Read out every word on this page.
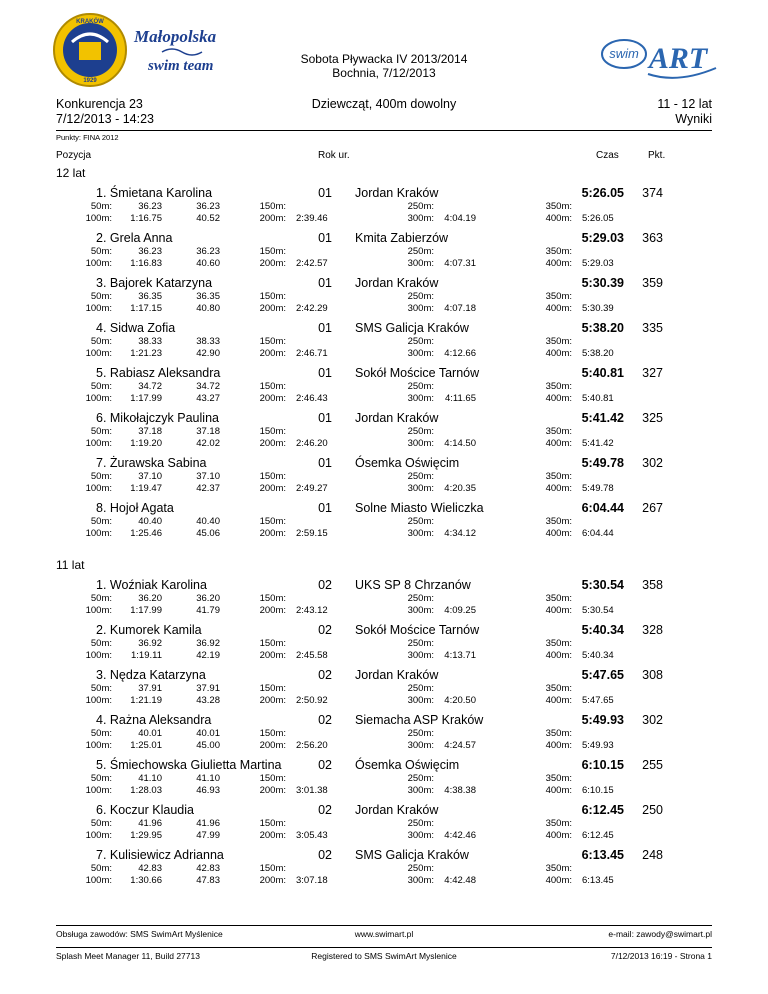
KRAKÓW
1929
Małopolska
swim team
swim ART
Sobota Pływacka IV 2013/2014
Bochnia, 7/12/2013
Konkurencja 23
7/12/2013 - 14:23
Dziewcząt, 400m dowolny	11 - 12 lat
Wyniki
Punkty: FINA 2012
Pozycja	Rok ur.	Czas	Pkt.
12 lat
1. Śmietana Karolina	01 Jordan Kraków	5:26.05	374
50m:	36.23	36.23
100m:	1:16.75	40.52
150m:
200m: 2:39.46
250m:
300m:	4:04.19
350m:
400m: 5:26.05
2. Grela Anna	01 Kmita Zabierzów	5:29.03	363
50m:	36.23	36.23
100m:	1:16.83	40.60
150m:
200m: 2:42.57
250m:
300m:	4:07.31
350m:
400m: 5:29.03
3. Bajorek Katarzyna	01 Jordan Kraków	5:30.39	359
50m:	36.35	36.35
100m:	1:17.15	40.80
150m:
200m: 2:42.29
250m:
300m:	4:07.18
350m:
400m: 5:30.39
4. Sidwa Zofia	01 SMS Galicja Kraków	5:38.20	335
50m:	38.33	38.33
100m:	1:21.23	42.90
150m:
200m: 2:46.71
250m:
300m:	4:12.66
350m:
400m: 5:38.20
5. Rabiasz Aleksandra	01 Sokół Mościce Tarnów	5:40.81	327
50m:	34.72	34.72
100m:	1:17.99	43.27
150m:
200m: 2:46.43
250m:
300m:	4:11.65
350m:
400m: 5:40.81
6. Mikołajczyk Paulina	01 Jordan Kraków	5:41.42	325
50m:	37.18	37.18
100m:	1:19.20	42.02
150m:
200m: 2:46.20
250m:
300m:	4:14.50
350m:
400m: 5:41.42
7. Żurawska Sabina	01 Ósemka Oświęcim	5:49.78	302
50m:	37.10	37.10
100m:	1:19.47	42.37
150m:
200m: 2:49.27
250m:
300m:	4:20.35
350m:
400m: 5:49.78
8. Hojoł Agata	01 Solne Miasto Wieliczka	6:04.44	267
50m:	40.40	40.40
100m:	1:25.46	45.06
150m:
200m: 2:59.15
250m:
300m:	4:34.12
350m:
400m: 6:04.44
11 lat
1. Woźniak Karolina	02 UKS SP 8 Chrzanów	5:30.54	358
50m:	36.20	36.20
100m:	1:17.99	41.79
150m:
200m: 2:43.12
250m:
300m:	4:09.25
350m:
400m: 5:30.54
2. Kumorek Kamila	02 Sokół Mościce Tarnów	5:40.34	328
50m:	36.92	36.92
100m:	1:19.11	42.19
150m:
200m: 2:45.58
250m:
300m:	4:13.71
350m:
400m: 5:40.34
3. Nędza Katarzyna	02 Jordan Kraków	5:47.65	308
50m:	37.91	37.91
100m:	1:21.19	43.28
150m:
200m: 2:50.92
250m:
300m:	4:20.50
350m:
400m: 5:47.65
4. Rażna Aleksandra	02 Siemacha ASP Kraków	5:49.93	302
50m:	40.01	40.01
100m:	1:25.01	45.00
150m:
200m: 2:56.20
250m:
300m:	4:24.57
350m:
400m: 5:49.93
5. Śmiechowska Giulietta Martina	02 Ósemka Oświęcim	6:10.15	255
50m:	41.10	41.10
100m:	1:28.03	46.93
150m:
200m: 3:01.38
250m:
300m:	4:38.38
350m:
400m: 6:10.15
6. Koczur Klaudia	02 Jordan Kraków	6:12.45	250
50m:	41.96	41.96
100m:	1:29.95	47.99
150m:
200m: 3:05.43
250m:
300m:	4:42.46
350m:
400m: 6:12.45
7. Kulisiewicz Adrianna	02 SMS Galicja Kraków	6:13.45	248
50m:	42.83	42.83
100m:	1:30.66	47.83
150m:
200m: 3:07.18
250m:
300m:	4:42.48
350m:
400m: 6:13.45
Obsługa zawodów: SMS SwimArt Myślenice	www.swimart.pl	e-mail: zawody@swimart.pl
Splash Meet Manager 11, Build 27713	Registered to SMS SwimArt Myslenice	7/12/2013 16:19 - Strona 1
